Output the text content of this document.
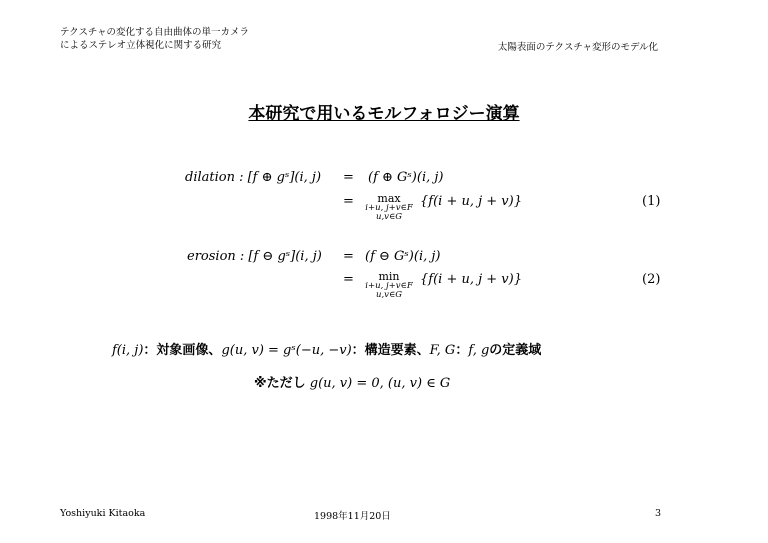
テクスチャの変化する自由曲体の単一カメラ
によるステレオ立体視化に関する研究	太陽表面のテクスチャ変形のモデル化
本研究で用いるモルフォロジー演算
dilation : [f ⊕ gˢ](i, j) = (f ⊕ Gˢ)(i, j)
=	max
i+u, j+v∈F
u,v∈G
{f(i + u, j + v)}	(1)
erosion : [f ⊖ gˢ](i, j) = (f ⊖ Gˢ)(i, j)
=	min
i+u, j+v∈F
u,v∈G
{f(i + u, j + v)}	(2)
f(i, j)：対象画像、g(u, v) = gˢ(−u, −v)：構造要素、F, G：f, gの定義域
※ただし g(u, v) = 0, (u, v) ∈ G
Yoshiyuki Kitaoka	1998年11月20日	3
